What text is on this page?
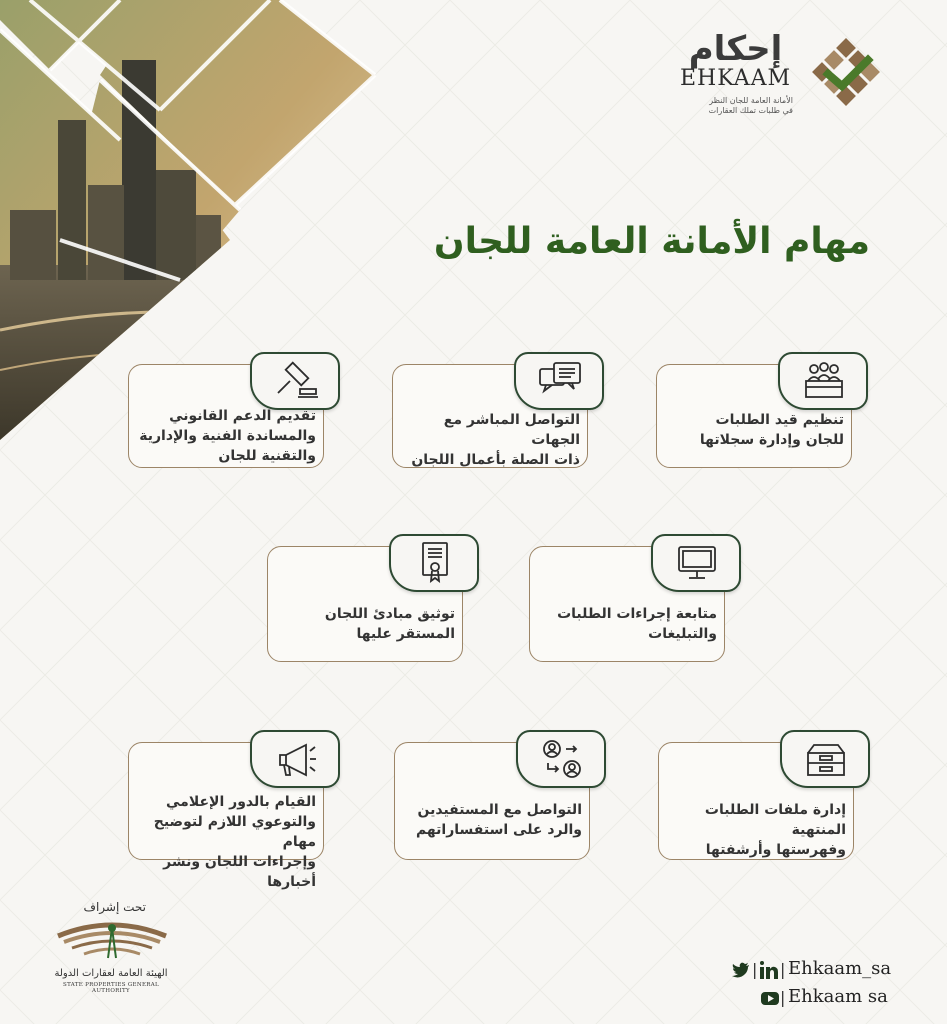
إحكام
EHKAAM
الأمانة العامة للجان النظر
في طلبات تملك العقارات
مهام الأمانة العامة للجان
تنظيم قيد الطلبات
للجان وإدارة سجلاتها
التواصل المباشر مع الجهات
ذات الصلة بأعمال اللجان
تقديم الدعم القانوني
والمساندة الفنية والإدارية
والتقنية للجان
متابعة إجراءات الطلبات
والتبليغات
توثيق مبادئ اللجان
المستقر عليها
إدارة ملفات الطلبات المنتهية
وفهرستها وأرشفتها
التواصل مع المستفيدين
والرد على استفساراتهم
القيام بالدور الإعلامي
والتوعوي اللازم لتوضيح مهام
وإجراءات اللجان ونشر أخبارها
تحت إشراف
الهيئة العامة لعقارات الدولة
STATE PROPERTIES GENERAL AUTHORITY
| | Ehkaam_sa
| Ehkaam sa
